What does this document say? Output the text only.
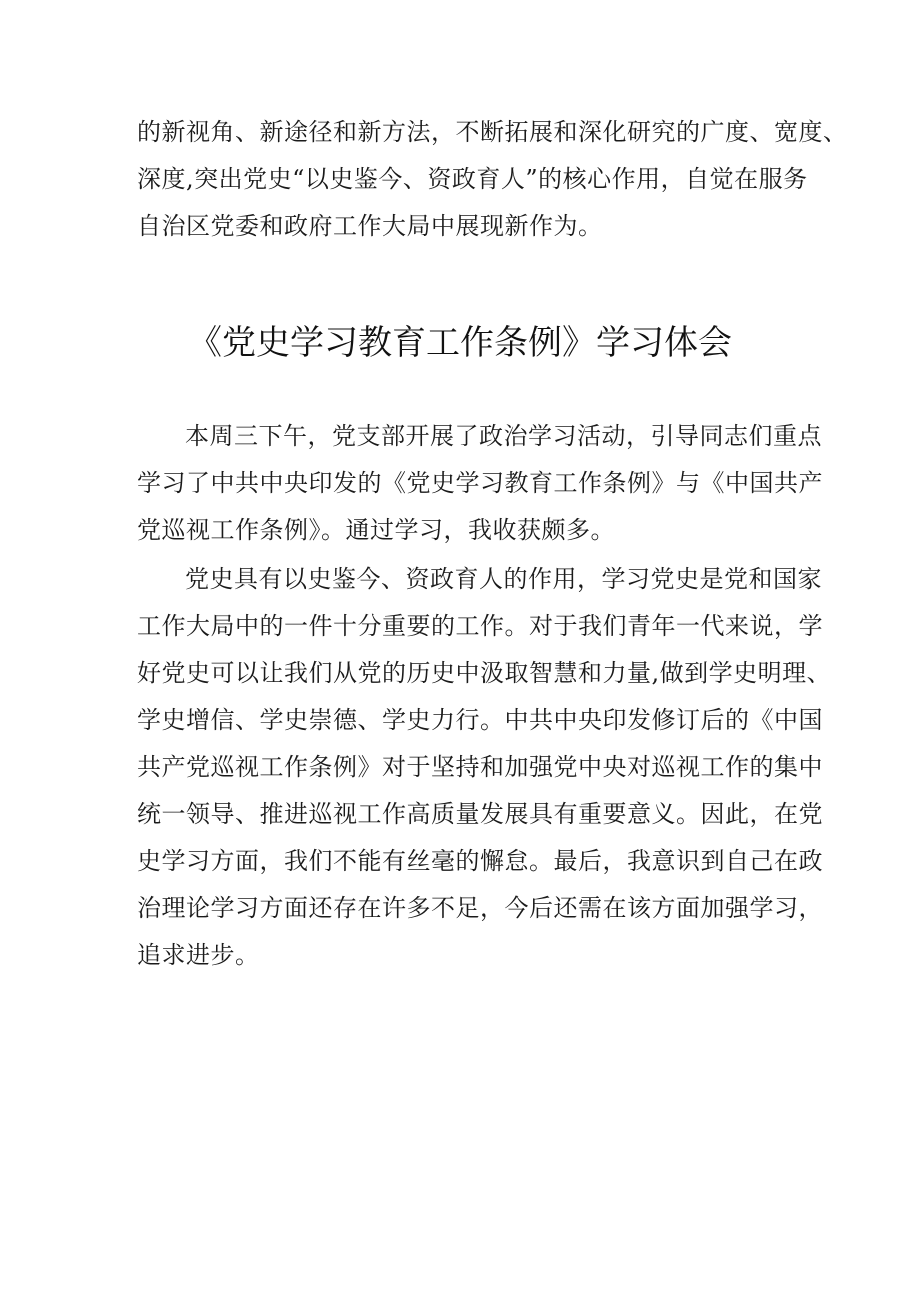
的新视角、新途径和新方法，不断拓展和深化研究的广度、宽度、
深度,突出党史“以史鉴今、资政育人”的核心作用，自觉在服务
自治区党委和政府工作大局中展现新作为。
《党史学习教育工作条例》学习体会
本周三下午，党支部开展了政治学习活动，引导同志们重点
学习了中共中央印发的《党史学习教育工作条例》与《中国共产
党巡视工作条例》。通过学习，我收获颇多。
党史具有以史鉴今、资政育人的作用，学习党史是党和国家
工作大局中的一件十分重要的工作。对于我们青年一代来说，学
好党史可以让我们从党的历史中汲取智慧和力量,做到学史明理、
学史增信、学史崇德、学史力行。中共中央印发修订后的《中国
共产党巡视工作条例》对于坚持和加强党中央对巡视工作的集中
统一领导、推进巡视工作高质量发展具有重要意义。因此，在党
史学习方面，我们不能有丝毫的懈怠。最后，我意识到自己在政
治理论学习方面还存在许多不足，今后还需在该方面加强学习，
追求进步。
